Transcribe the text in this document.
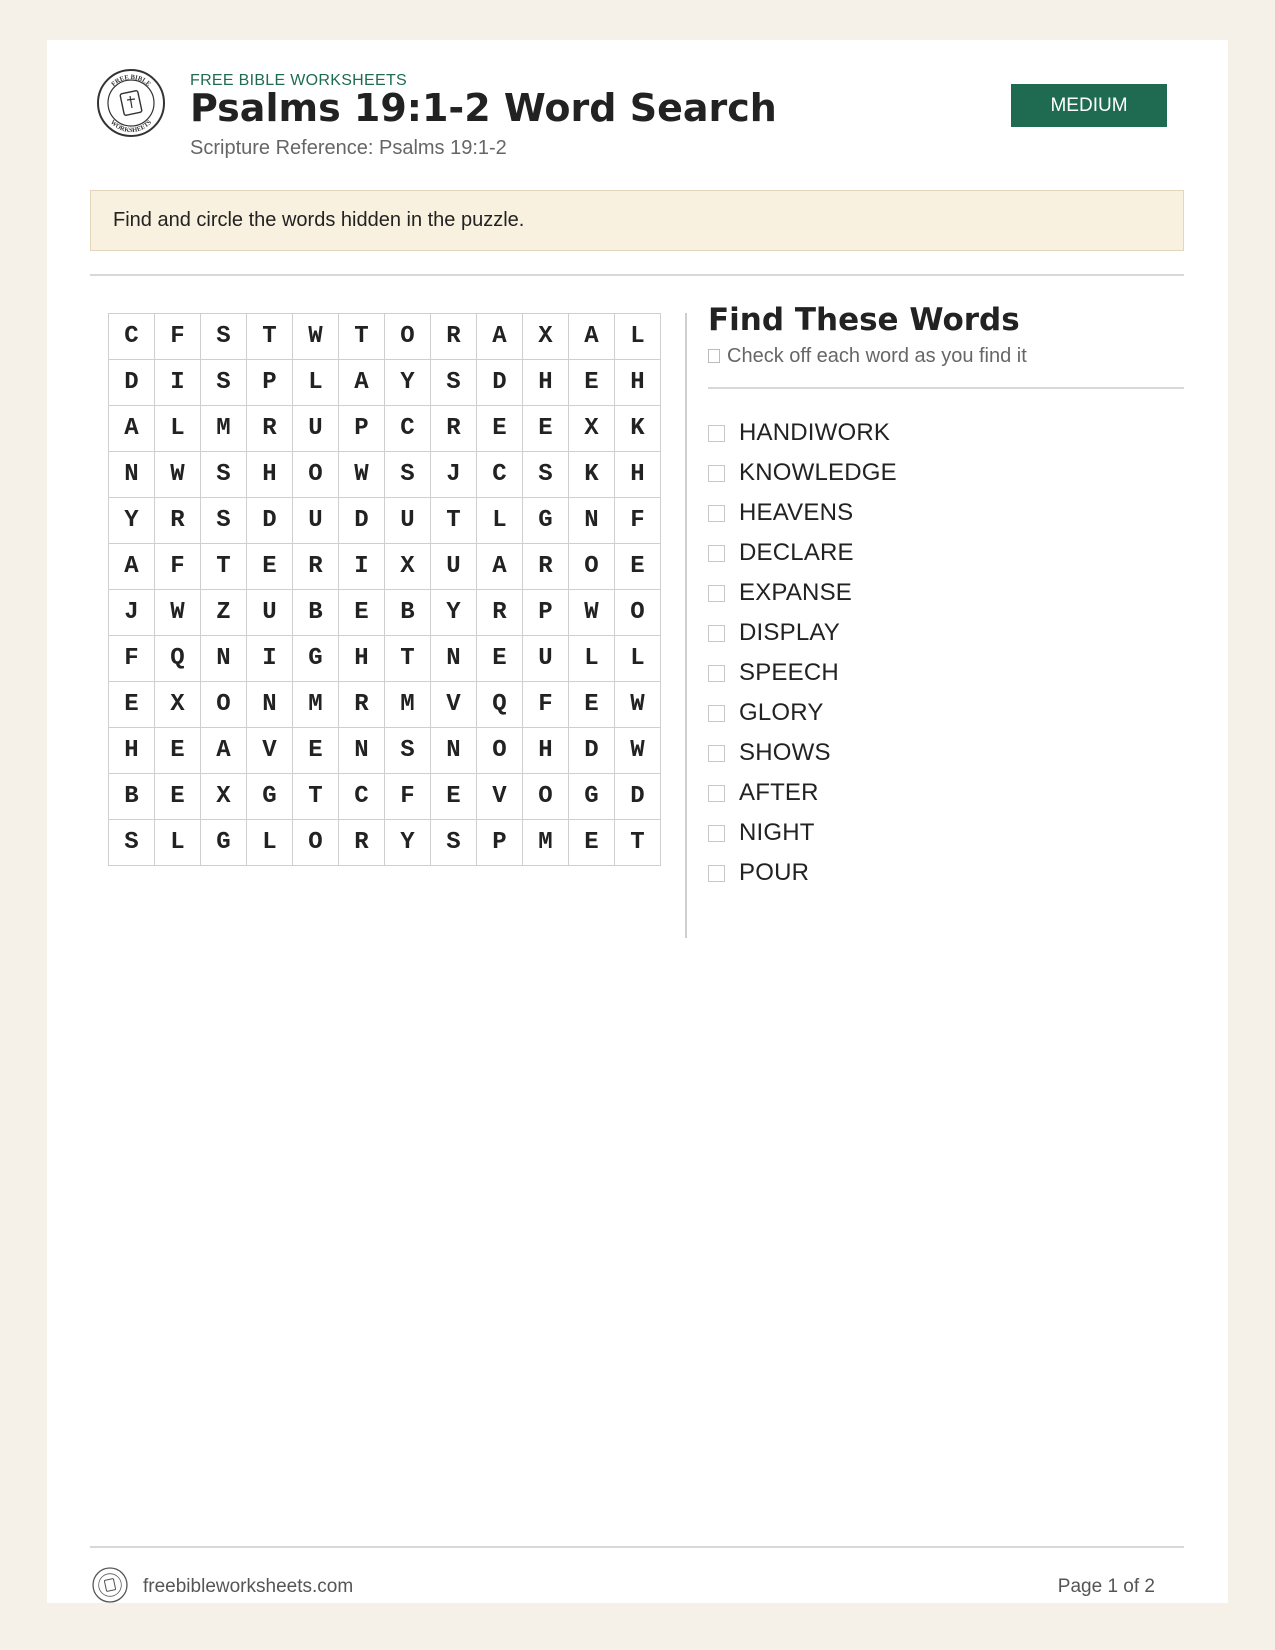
FREE BIBLE
WORKSHEETS
FREE BIBLE WORKSHEETS
Psalms 19:1-2 Word Search
Scripture Reference: Psalms 19:1-2
MEDIUM
Find and circle the words hidden in the puzzle.
C	F	S	T	W	T	O	R	A	X	A	L
D	I	S	P	L	A	Y	S	D	H	E	H
A	L	M	R	U	P	C	R	E	E	X	K
N	W	S	H	O	W	S	J	C	S	K	H
Y	R	S	D	U	D	U	T	L	G	N	F
A	F	T	E	R	I	X	U	A	R	O	E
J	W	Z	U	B	E	B	Y	R	P	W	O
F	Q	N	I	G	H	T	N	E	U	L	L
E	X	O	N	M	R	M	V	Q	F	E	W
H	E	A	V	E	N	S	N	O	H	D	W
B	E	X	G	T	C	F	E	V	O	G	D
S	L	G	L	O	R	Y	S	P	M	E	T
Find These Words
Check off each word as you find it
HANDIWORK
KNOWLEDGE
HEAVENS
DECLARE
EXPANSE
DISPLAY
SPEECH
GLORY
SHOWS
AFTER
NIGHT
POUR
freebibleworksheets.com	Page 1 of 2
